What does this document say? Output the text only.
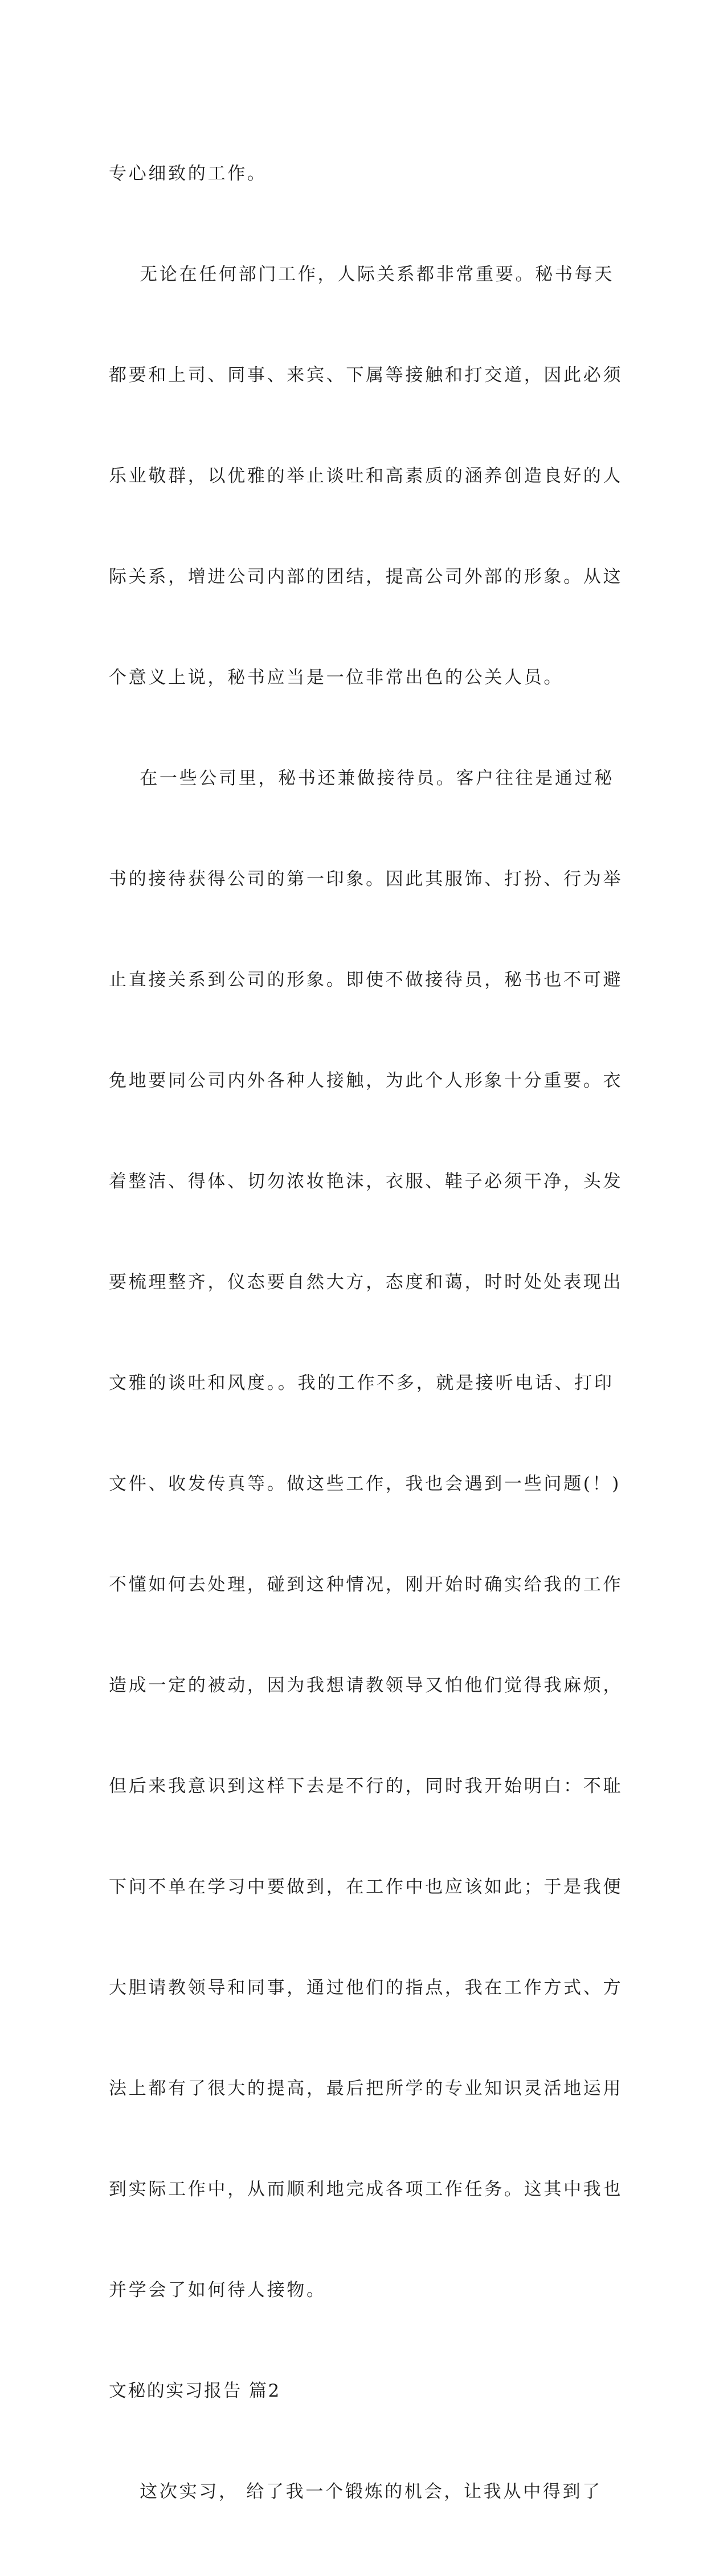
专心细致的工作。

无论在任何部门工作，人际关系都非常重要。秘书每天

都要和上司、同事、来宾、下属等接触和打交道，因此必须

乐业敬群，以优雅的举止谈吐和高素质的涵养创造良好的人

际关系，增进公司内部的团结，提高公司外部的形象。从这

个意义上说，秘书应当是一位非常出色的公关人员。

在一些公司里，秘书还兼做接待员。客户往往是通过秘

书的接待获得公司的第一印象。因此其服饰、打扮、行为举

止直接关系到公司的形象。即使不做接待员，秘书也不可避

免地要同公司内外各种人接触，为此个人形象十分重要。衣

着整洁、得体、切勿浓妆艳沫，衣服、鞋子必须干净，头发

要梳理整齐，仪态要自然大方，态度和蔼，时时处处表现出

文雅的谈吐和风度。。我的工作不多，就是接听电话、打印

文件、收发传真等。做这些工作，我也会遇到一些问题(！)

不懂如何去处理，碰到这种情况，刚开始时确实给我的工作

造成一定的被动，因为我想请教领导又怕他们觉得我麻烦，

但后来我意识到这样下去是不行的，同时我开始明白：不耻

下问不单在学习中要做到，在工作中也应该如此；于是我便

大胆请教领导和同事，通过他们的指点，我在工作方式、方

法上都有了很大的提高，最后把所学的专业知识灵活地运用

到实际工作中，从而顺利地完成各项工作任务。这其中我也

并学会了如何待人接物。

文秘的实习报告 篇2

这次实习， 给了我一个锻炼的机会，让我从中得到了
